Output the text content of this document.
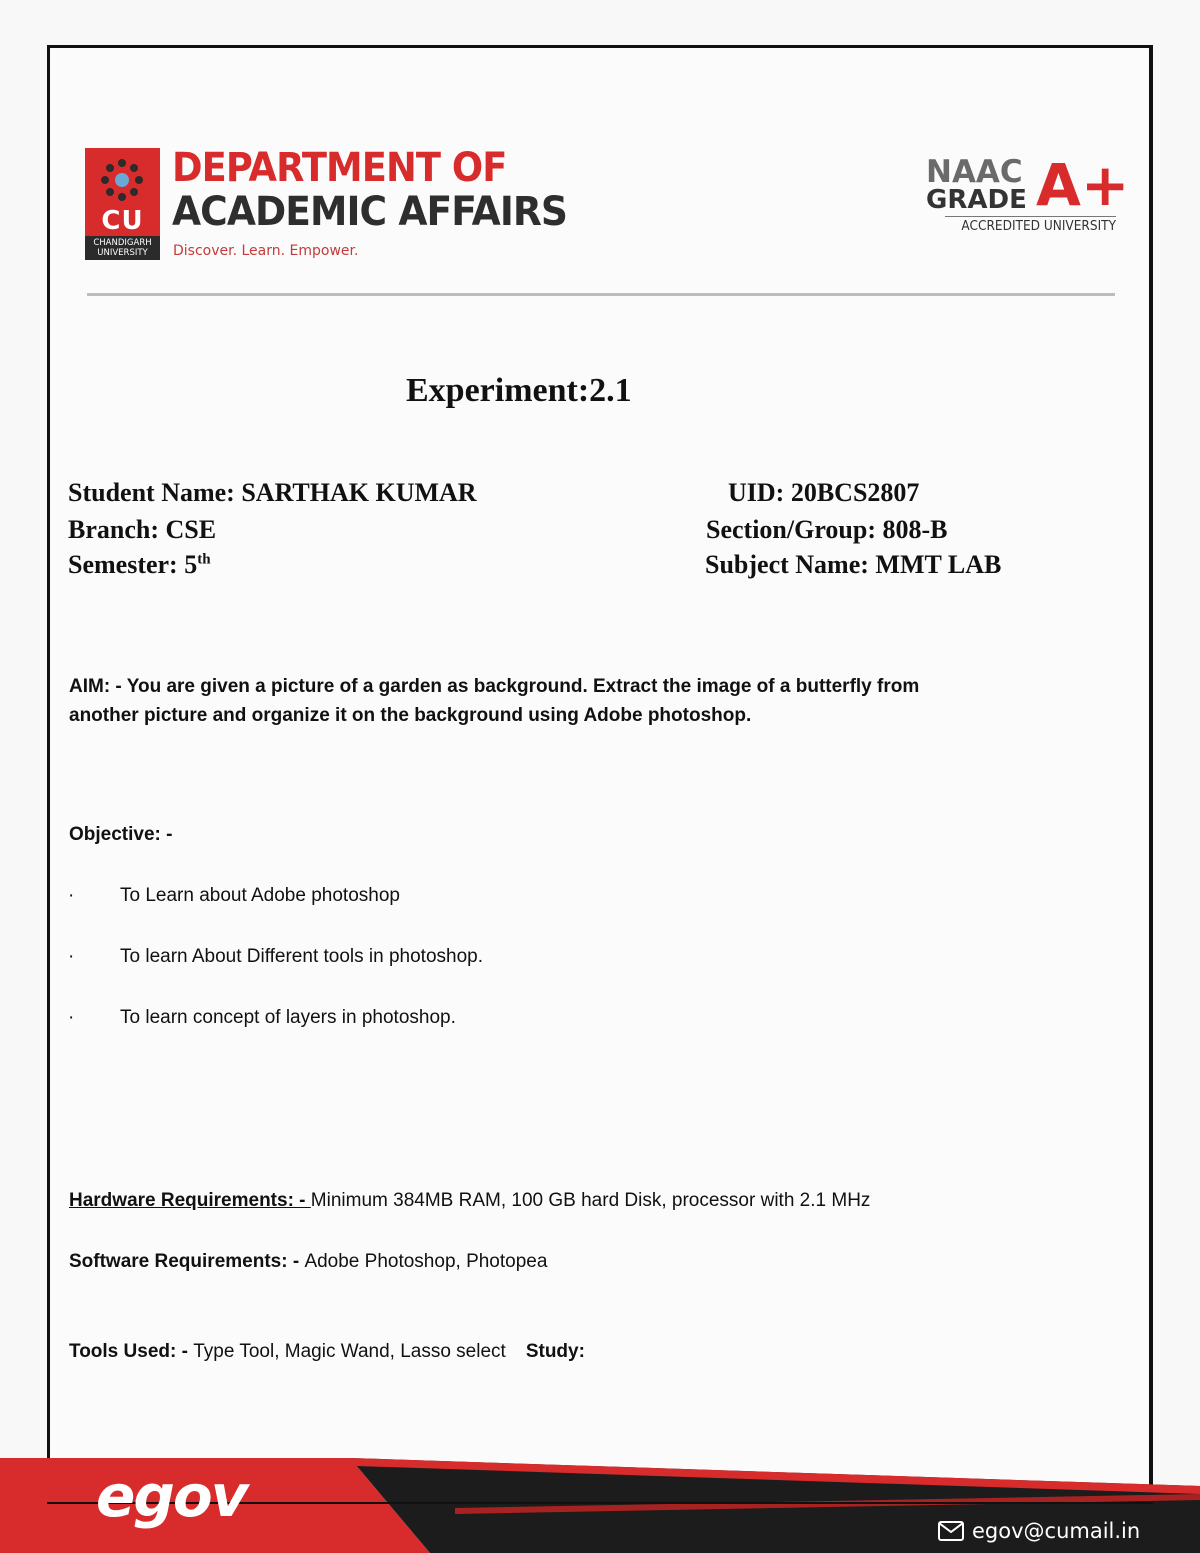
CU
CHANDIGARH UNIVERSITY
DEPARTMENT OF
ACADEMIC AFFAIRS
Discover. Learn. Empower.
NAAC
GRADE A+
ACCREDITED UNIVERSITY
Experiment:2.1
Student Name: SARTHAK KUMAR	UID: 20BCS2807
Branch: CSE	Section/Group: 808-B
Semester: 5th	Subject Name: MMT LAB
AIM: - You are given a picture of a garden as background. Extract the image of a butterfly from another picture and organize it on the background using Adobe photoshop.
Objective: -
· To Learn about Adobe photoshop
· To learn About Different tools in photoshop.
· To learn concept of layers in photoshop.
Hardware Requirements: - Minimum 384MB RAM, 100 GB hard Disk, processor with 2.1 MHz
Software Requirements: - Adobe Photoshop, Photopea
Tools Used: - Type Tool, Magic Wand, Lasso select Study:
egov
egov@cumail.in
